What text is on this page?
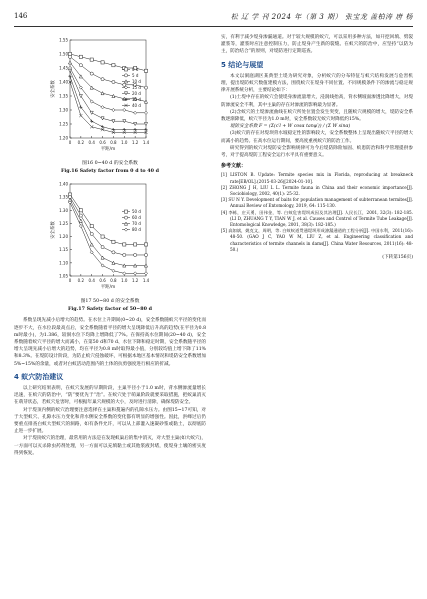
146	松 辽 学 刊 2024 年（第 3 期） 张宝龙 盖柏涛 唐 杨
1.55
1.50
1.45
1.40
1.35
1.30
1.25
1.20
0 0.2 0.4 0.6 0.8 1.0 1.2 1.4
平距/m
安全系数
0 d
5 d
10 d
15 d
20 d
30 d
40 d
图16 0~40 d 的安全系数
Fig.16 Safety factor from 0 d to 40 d
1.40
1.35
1.30
1.25
1.20
1.15
1.10
1.05
0 0.2 0.4 0.6 0.8 1.0 1.2 1.4
平距/m
安全系数
50 d
60 d
70 d
80 d
图17 50~80 d 的安全系数
Fig.17 Safety factor of 50~80 d

系数呈现先减小后增大的趋势。在水位上升期间(0~20 d)，安全系数随蚁穴平径的变化而逐步不大，在水位段最高点后，安全系数随着平径的增大呈现降低后升高的趋势(在平径为0.8 m时最小)，为1.386，较洞水位下均降上增降低了7%。在保持高水位期间(20~40 d)，安全系数随着蚁穴平径的增大而减小，在第50 d和70 d、水位下降和稳定时期，安全系数随平径的增大呈现先减小后增大的趋势，均在平径为0.8 m时取得最小值，分别较均值上增下降了11%和8.3%。在堤防设计阶段，为防止蚁穴侵蚀破坏，可根据本地区基本情况和堤防安全系数增加5%~15%的余量，或者对白蚁活动范围内的土体的抗剪强度进行相应的折减。

4 蚁穴防治建议

以上研究结果表明，在蚁穴发展的早期阶段，主巢半径小于1.0 m时，背水侧渗流量增长迅速，在蚁穴的防治中，“防”要优先于“治”。在蚁穴处于萌巢阶段就要采取措施，把蚁巢消灭在萌芽状态，若蚁穴危害时，可根据年巢穴规模的大小，及时进行清除，确保堤防安全。

对于堤顶内侧的蚁穴治理要注意选择在主巢和蔓遍内的孔隙水压力。由图15~17可知，对于大型蚁穴、孔隙水压力变化和背水侧安全系数的变化都有明显的增强性。因此，洪峰过后仍要重点排查白蚁大型蚁穴的洞路，如有条件允许，可以从上部灌入速凝砂浆或黏土，以彻底防止进一步扩展。

对于堤顶蚁穴的治理，最常用的方法是在发现蚁巢后的集中消灭，对大型主巢(如大蚁穴)，一方面可以灭杀除虫药剂处理，另一方面可以充填黏土或其他浆液封堵，使堤身土壤的密实度得到恢复。

实，有利于减少堤身渗漏通道。对于较大规模的蚁穴，可以采用多种方法，如开挖回填、劈裂灌浆等，灌浆时应注意控制压力，防止堤身产生新的裂缝。在蚁穴的防治中，应坚持“以防为主，防治结合”的原则，对堤防进行定期巡查。

5 结论与展望

本文以洞庭湖区某典型土堤为研究对象，分析蚁穴的分布特征与蚁穴结构发展与危害机理，提出堤防蚁穴数值建模方法，围绕蚁穴在堤身不同位置、不同规模条件下的渗流与稳定规律开展系统分析，主要结论如下：

(1)土堤中存在的蚁穴会使堤身渗流量增大，浸润线抬高，背水侧坡面渗透比降增大，对堤防渗流安全不利，其中主巢的存在对渗流的影响最为显著。

(2)含蚁穴的土堤渗流曲线在蚁穴所处位置会发生突变，且随蚁穴规模的增大，堤防安全系数逐渐降低，蚁穴半径为1.0 m时，安全系数较无蚁穴时降低约15%。

堤防安全系数 F = (Σ(c′l + W cosα tanφ′)) / (Σ W sinα)

(3)蚁穴的存在对堤坝背水坡稳定性的影响较大，安全系数整体上呈现出随蚁穴平径的增大而减小的趋势。在高水位运行期间，要高度重视蚁穴的防治工作。

研究得到的蚁穴对堤防安全影响规律可为今后堤防除险加固、蚁患防治和科学管理提供参考，对于提高堤防工程安全运行水平具有重要意义。

参考文献：
[1] LISTON B. Update: Termite species mix in Florida, reproducing at breakneck rate[EB/OL].(2015-03-26)[2024-01-10].
[2] ZHONG J H, LIU L L. Termite fauna in China and their economic importance[J]. Sociobiology, 2002, 40(1): 25-32.
[3] SU N Y. Development of baits for population management of subterranean termites[J]. Annual Review of Entomology, 2019, 64: 115-130.
[4] 李栋，庄天勇，田伟金，等. 白蚁危害堤坝成因及其治理[J]. 人民长江，2001, 32(3): 182-185. (LI D, ZHUANG T Y, TIAN W J, et al. Causes and Control of Termite Tube Leakage[J]. Entomological Knowledge, 2001, 38(3): 182-185.)
[5] 高如斌，姚克文，周明，等. 白蚁蚁道贯通堤坝形成渗漏通道的工程分析[J]. 中国水利，2011(16): 48-50. (GAO J C, YAO W M, LIU Z, et al. Engineering classification and characteristics of termite channels in dams[J]. China Water Resources, 2011(16): 48-50.)
(下转第156页)
